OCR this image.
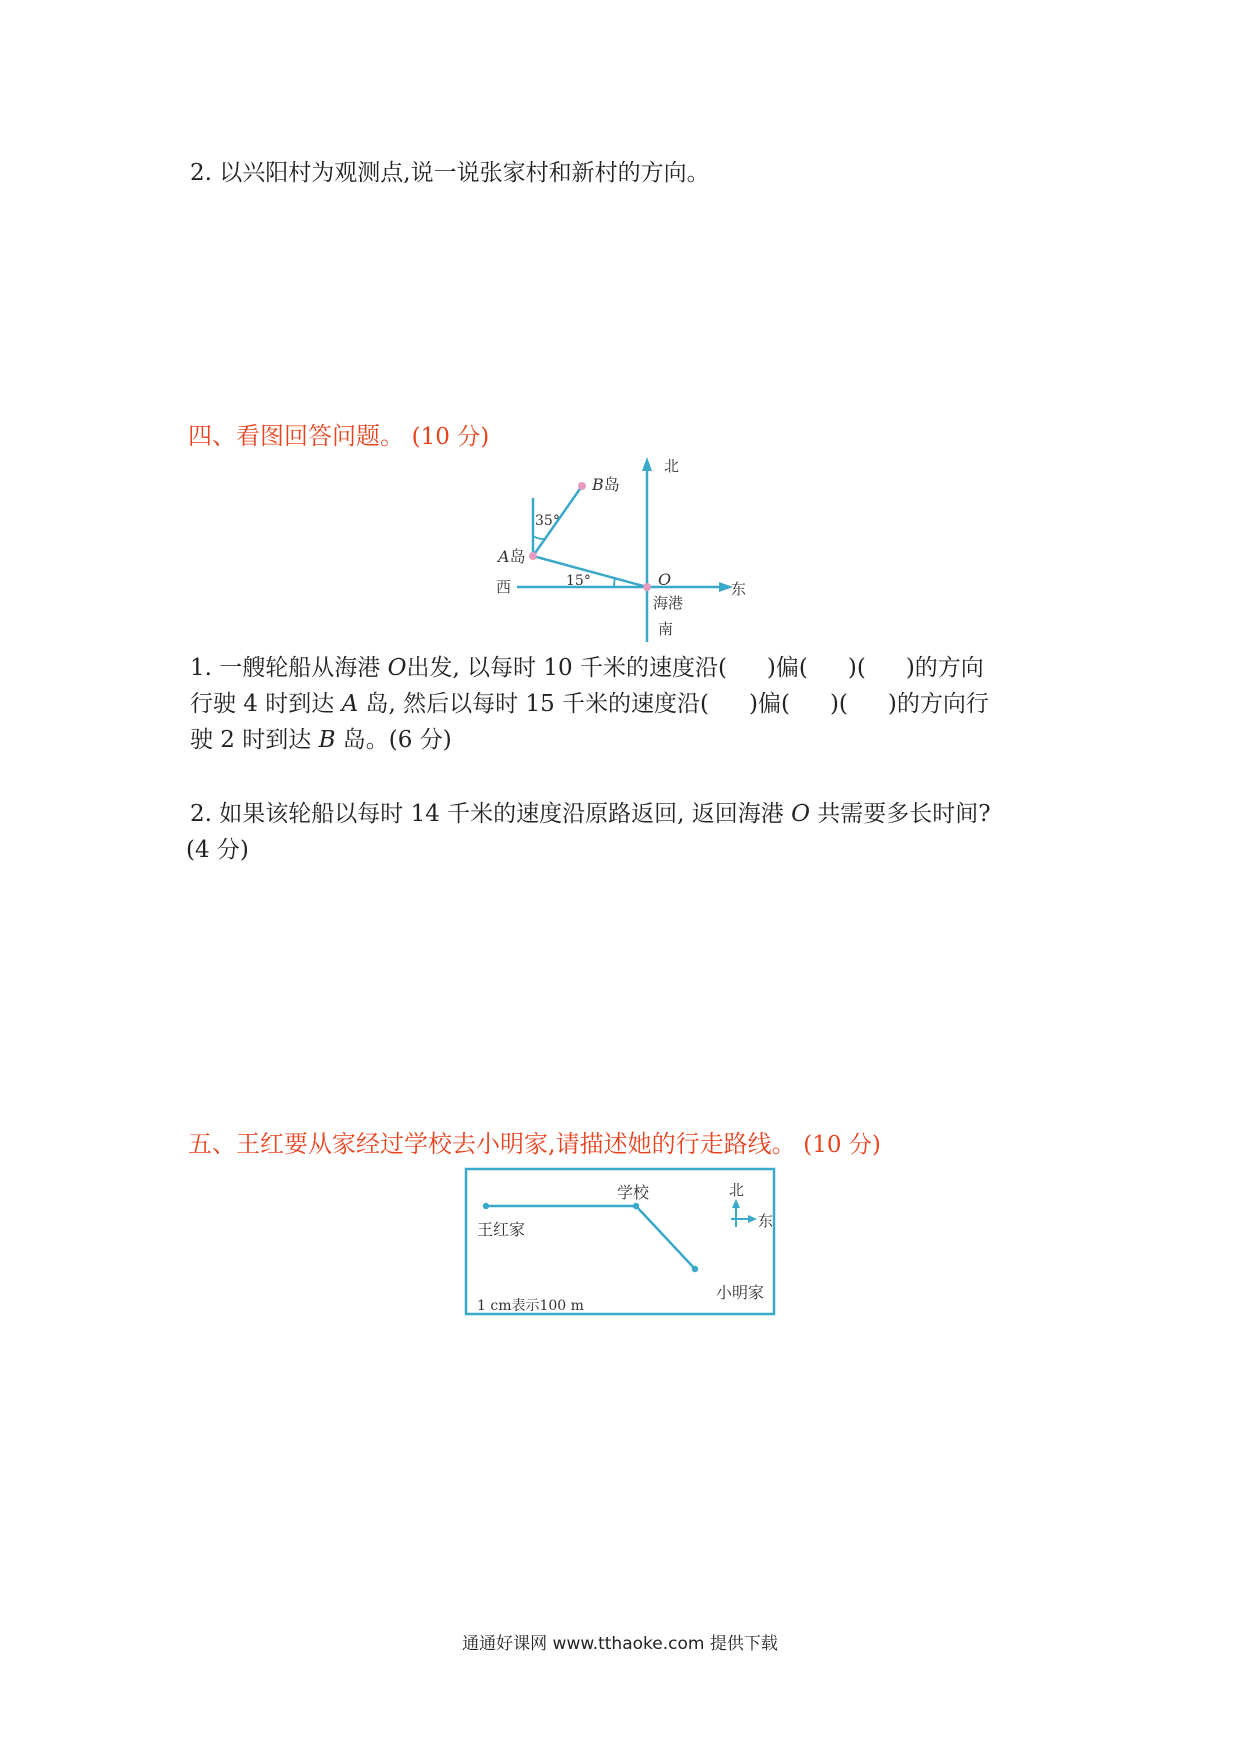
2. 以兴阳村为观测点,说一说张家村和新村的方向。
四、看图回答问题。 (10 分)
北
南
东
西	O
海港
B岛
A岛
35°
15°
1. 一艘轮船从海港 O出发, 以每时 10 千米的速度沿( )偏( )( )的方向
行驶 4 时到达 A 岛, 然后以每时 15 千米的速度沿( )偏( )( )的方向行
驶 2 时到达 B 岛。(6 分)
2. 如果该轮船以每时 14 千米的速度沿原路返回, 返回海港 O 共需要多长时间?
(4 分)
五、王红要从家经过学校去小明家,请描述她的行走路线。 (10 分)
北
东
王红家
学校
小明家
1 cm表示100 m
通通好课网 www.tthaoke.com 提供下载
